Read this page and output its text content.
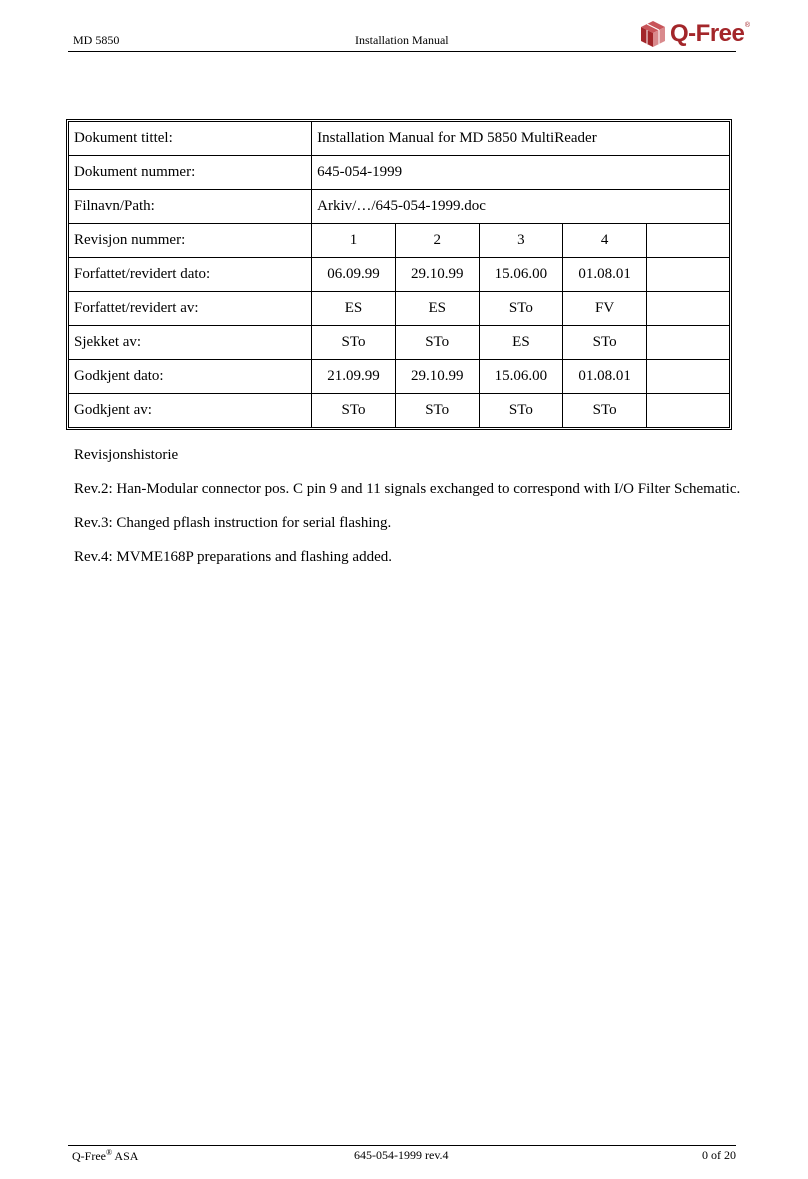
MD 5850	Installation Manual	Q-Free ®
Dokument tittel:	Installation Manual for MD 5850 MultiReader				
Dokument nummer:	645-054-1999				
Filnavn/Path:	Arkiv/…/645-054-1999.doc				
Revisjon nummer:	1	2	3	4	
Forfattet/revidert dato:	06.09.99	29.10.99	15.06.00	01.08.01	
Forfattet/revidert av:	ES	ES	STo	FV	
Sjekket av:	STo	STo	ES	STo	
Godkjent dato:	21.09.99	29.10.99	15.06.00	01.08.01	
Godkjent av:	STo	STo	STo	STo	
Revisjonshistorie
Rev.2: Han-Modular connector pos. C pin 9 and 11 signals exchanged to correspond with I/O Filter Schematic.
Rev.3: Changed pflash instruction for serial flashing.
Rev.4: MVME168P preparations and flashing added.
Q-Free® ASA	645-054-1999 rev.4	0 of 20
